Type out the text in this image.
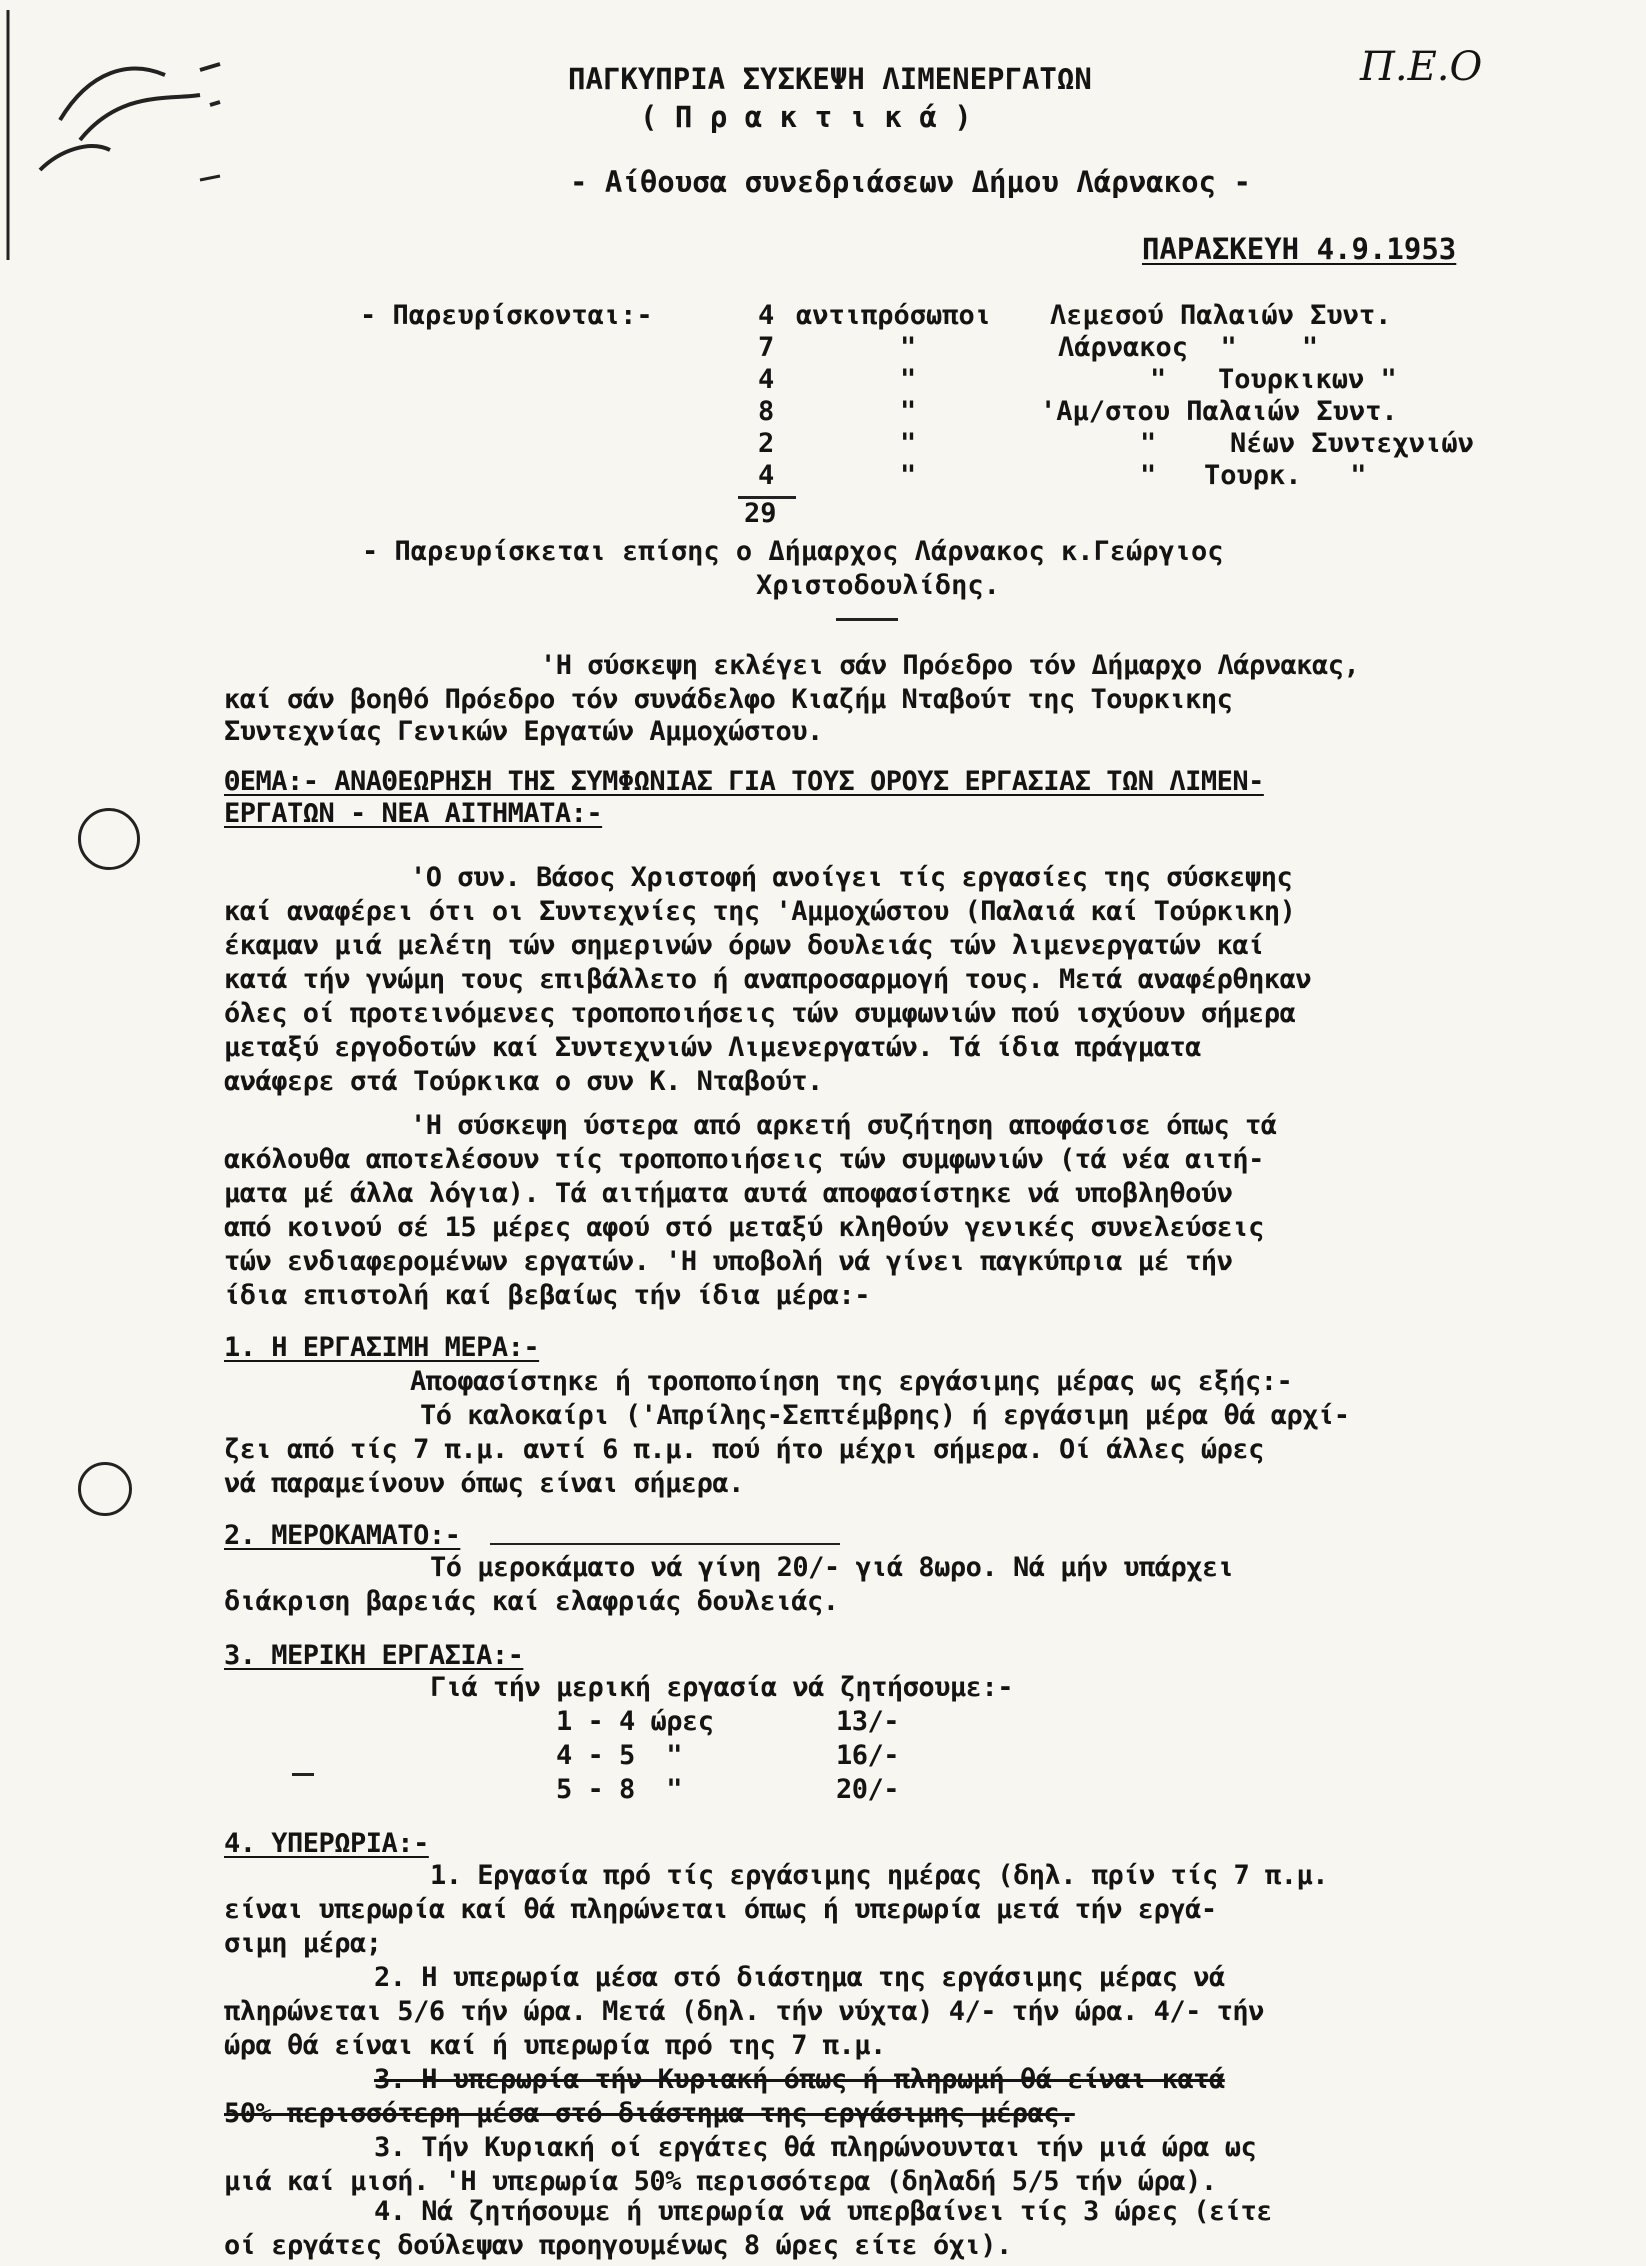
ΠΑΓΚΥΠΡΙΑ ΣΥΣΚΕΨΗ ΛΙΜΕΝΕΡΓΑΤΩΝ
( Π ρ α κ τ ι κ ά )
Π.Ε.Ο
- Αίθουσα συνεδριάσεων Δήμου Λάρνακος -
ΠΑΡΑΣΚΕΥΗ 4.9.1953
- Παρευρίσκονται:-	4 αντιπρόσωποι Λεμεσού Παλαιών Συντ.
7	"	Λάρνακος  "    "
4	"	" Τουρκικων "
8	"	'Αμ/στου Παλαιών Συντ.
2	"	"	Νέων Συντεχνιών
4	"	" Τουρκ.   "
29
- Παρευρίσκεται επίσης ο Δήμαρχος Λάρνακος κ.Γεώργιος
Χριστοδουλίδης.
'Η σύσκεψη εκλέγει σάν Πρόεδρο τόν Δήμαρχο Λάρνακας,
καί σάν βοηθό Πρόεδρο τόν συνάδελφο Κιαζήμ Νταβούτ της Τουρκικης
Συντεχνίας Γενικών Εργατών Αμμοχώστου.
ΘΕΜΑ:- ΑΝΑΘΕΩΡΗΣΗ ΤΗΣ ΣΥΜΦΩΝΙΑΣ ΓΙΑ ΤΟΥΣ ΟΡΟΥΣ ΕΡΓΑΣΙΑΣ ΤΩΝ ΛΙΜΕΝ-
ΕΡΓΑΤΩΝ - ΝΕΑ ΑΙΤΗΜΑΤΑ:-
'Ο συν. Βάσος Χριστοφή ανοίγει τίς εργασίες της σύσκεψης
καί αναφέρει ότι οι Συντεχνίες της 'Αμμοχώστου (Παλαιά καί Τούρκικη)
έκαμαν μιά μελέτη τών σημερινών όρων δουλειάς τών λιμενεργατών καί
κατά τήν γνώμη τους επιβάλλετο ή αναπροσαρμογή τους. Μετά αναφέρθηκαν
όλες οί προτεινόμενες τροποποιήσεις τών συμφωνιών πού ισχύουν σήμερα
μεταξύ εργοδοτών καί Συντεχνιών Λιμενεργατών. Τά ίδια πράγματα
ανάφερε στά Τούρκικα ο συν Κ. Νταβούτ.
'Η σύσκεψη ύστερα από αρκετή συζήτηση αποφάσισε όπως τά
ακόλουθα αποτελέσουν τίς τροποποιήσεις τών συμφωνιών (τά νέα αιτή-
ματα μέ άλλα λόγια). Τά αιτήματα αυτά αποφασίστηκε νά υποβληθούν
από κοινού σέ 15 μέρες αφού στό μεταξύ κληθούν γενικές συνελεύσεις
τών ενδιαφερομένων εργατών. 'Η υποβολή νά γίνει παγκύπρια μέ τήν
ίδια επιστολή καί βεβαίως τήν ίδια μέρα:-
1. Η ΕΡΓΑΣΙΜΗ ΜΕΡΑ:-
Αποφασίστηκε ή τροποποίηση της εργάσιμης μέρας ως εξής:-
Τό καλοκαίρι ('Απρίλης-Σεπτέμβρης) ή εργάσιμη μέρα θά αρχί-
ζει από τίς 7 π.μ. αντί 6 π.μ. πού ήτο μέχρι σήμερα. Οί άλλες ώρες
νά παραμείνουν όπως είναι σήμερα.
2. ΜΕΡΟΚΑΜΑΤΟ:-
Τό μεροκάματο νά γίνη 20/- γιά 8ωρο. Νά μήν υπάρχει
διάκριση βαρειάς καί ελαφριάς δουλειάς.
3. ΜΕΡΙΚΗ ΕΡΓΑΣΙΑ:-
Γιά τήν μερική εργασία νά ζητήσουμε:-
1 - 4 ώρες	13/-
4 - 5  "	16/-
5 - 8  "	20/-
4. ΥΠΕΡΩΡΙΑ:-
1. Εργασία πρό τίς εργάσιμης ημέρας (δηλ. πρίν τίς 7 π.μ.
είναι υπερωρία καί θά πληρώνεται όπως ή υπερωρία μετά τήν εργά-
σιμη μέρα;
2. Η υπερωρία μέσα στό διάστημα της εργάσιμης μέρας νά
πληρώνεται 5/6 τήν ώρα. Μετά (δηλ. τήν νύχτα) 4/- τήν ώρα. 4/- τήν
ώρα θά είναι καί ή υπερωρία πρό της 7 π.μ.
3. Η υπερωρία τήν Κυριακή όπως ή πληρωμή θά είναι κατά
50% περισσότερη μέσα στό διάστημα της εργάσιμης μέρας.
3. Τήν Κυριακή οί εργάτες θά πληρώνουνται τήν μιά ώρα ως
μιά καί μισή. 'Η υπερωρία 50% περισσότερα (δηλαδή 5/5 τήν ώρα).
4. Νά ζητήσουμε ή υπερωρία νά υπερβαίνει τίς 3 ώρες (είτε
οί εργάτες δούλεψαν προηγουμένως 8 ώρες είτε όχι).
